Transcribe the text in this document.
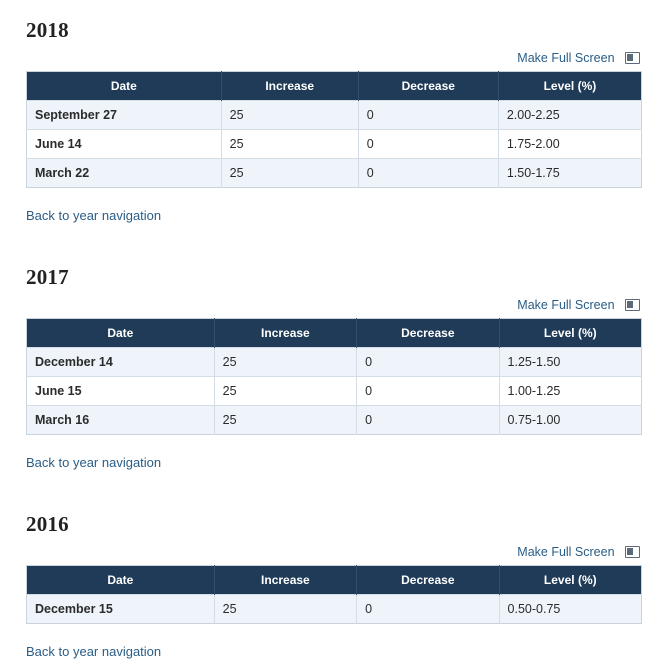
2018
Make Full Screen
Date	Increase	Decrease	Level (%)
September 27	25	0	2.00-2.25
June 14	25	0	1.75-2.00
March 22	25	0	1.50-1.75
Back to year navigation
2017
Make Full Screen
Date	Increase	Decrease	Level (%)
December 14	25	0	1.25-1.50
June 15	25	0	1.00-1.25
March 16	25	0	0.75-1.00
Back to year navigation
2016
Make Full Screen
Date	Increase	Decrease	Level (%)
December 15	25	0	0.50-0.75
Back to year navigation
